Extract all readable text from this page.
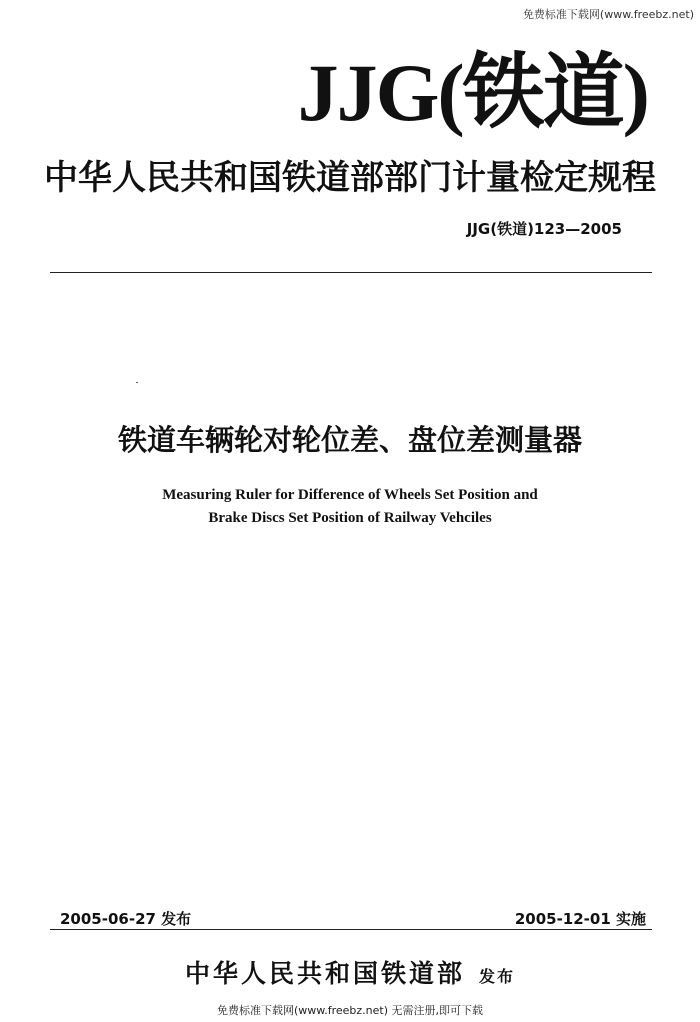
免费标准下载网(www.freebz.net)
JJG(铁道)
中华人民共和国铁道部部门计量检定规程
JJG(铁道)123—2005
铁道车辆轮对轮位差、盘位差测量器
Measuring Ruler for Difference of Wheels Set Position and
Brake Discs Set Position of Railway Vehciles
2005-06-27 发布	2005-12-01 实施
中华人民共和国铁道部 发布
免费标准下载网(www.freebz.net) 无需注册,即可下载
